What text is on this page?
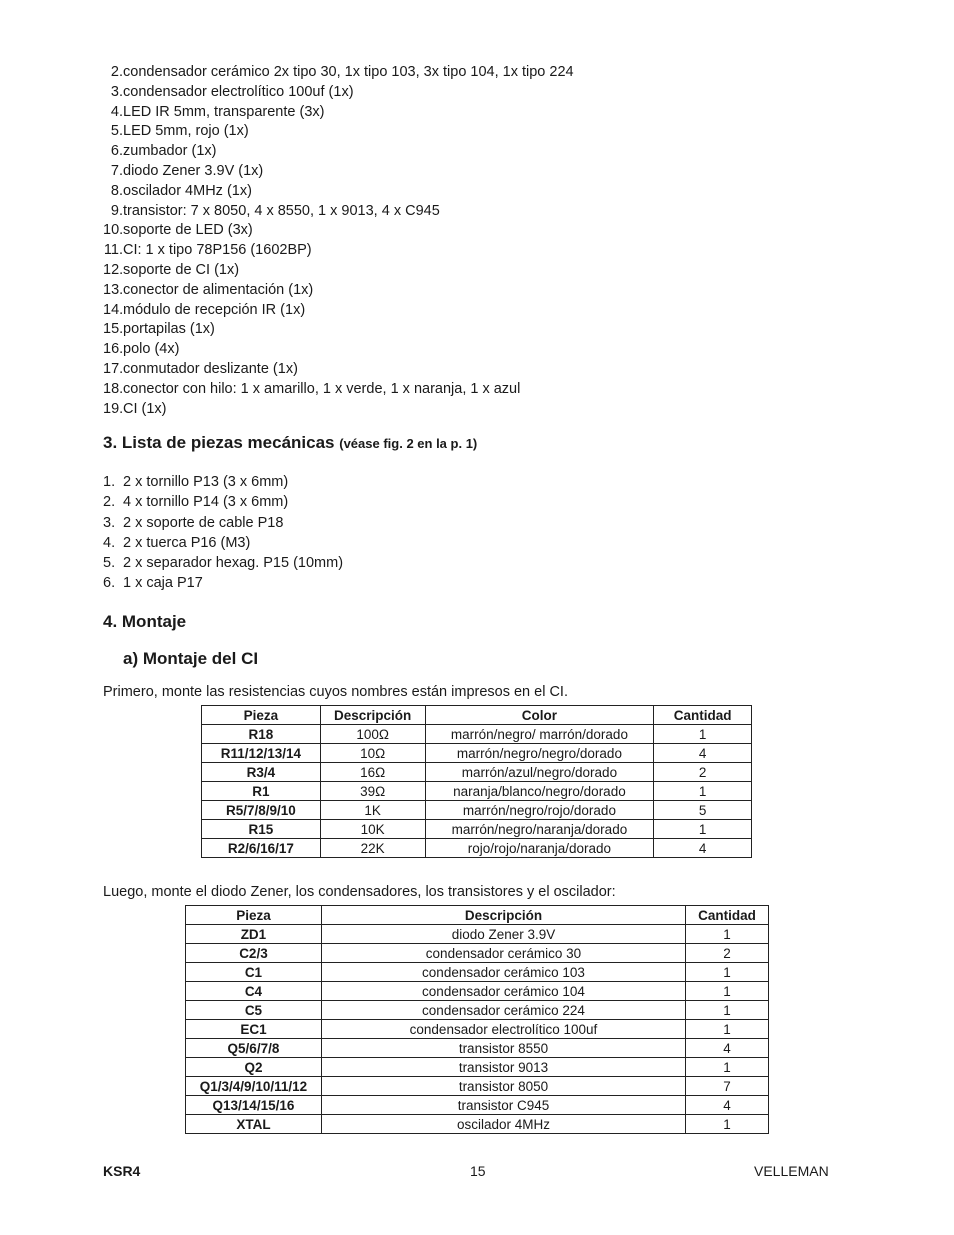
2. condensador cerámico 2x tipo 30, 1x tipo 103, 3x tipo 104, 1x tipo 224
3. condensador electrolítico 100uf (1x)
4. LED IR 5mm, transparente (3x)
5. LED 5mm, rojo (1x)
6. zumbador (1x)
7. diodo Zener 3.9V (1x)
8. oscilador 4MHz (1x)
9. transistor: 7 x 8050, 4 x 8550, 1 x 9013, 4 x C945
10. soporte de LED (3x)
11. CI: 1 x tipo 78P156 (1602BP)
12. soporte de CI (1x)
13. conector de alimentación (1x)
14. módulo de recepción IR (1x)
15. portapilas (1x)
16. polo (4x)
17. conmutador deslizante (1x)
18. conector con hilo: 1 x amarillo, 1 x verde, 1 x naranja, 1 x azul
19. CI (1x)
3. Lista de piezas mecánicas (véase fig. 2 en la p. 1)
1. 2 x tornillo P13 (3 x 6mm)
2. 4 x tornillo P14 (3 x 6mm)
3. 2 x soporte de cable P18
4. 2 x tuerca P16 (M3)
5. 2 x separador hexag. P15 (10mm)
6. 1 x caja P17
4. Montaje
a) Montaje del CI
Primero, monte las resistencias cuyos nombres están impresos en el CI.
Pieza	Descripción	Color	Cantidad
R18	100Ω	marrón/negro/ marrón/dorado	1
R11/12/13/14	10Ω	marrón/negro/negro/dorado	4
R3/4	16Ω	marrón/azul/negro/dorado	2
R1	39Ω	naranja/blanco/negro/dorado	1
R5/7/8/9/10	1K	marrón/negro/rojo/dorado	5
R15	10K	marrón/negro/naranja/dorado	1
R2/6/16/17	22K	rojo/rojo/naranja/dorado	4
Luego, monte el diodo Zener, los condensadores, los transistores y el oscilador:
Pieza	Descripción	Cantidad
ZD1	diodo Zener 3.9V	1
C2/3	condensador cerámico 30	2
C1	condensador cerámico 103	1
C4	condensador cerámico 104	1
C5	condensador cerámico 224	1
EC1	condensador electrolítico 100uf	1
Q5/6/7/8	transistor 8550	4
Q2	transistor 9013	1
Q1/3/4/9/10/11/12	transistor 8050	7
Q13/14/15/16	transistor C945	4
XTAL	oscilador 4MHz	1
KSR4	15	VELLEMAN
